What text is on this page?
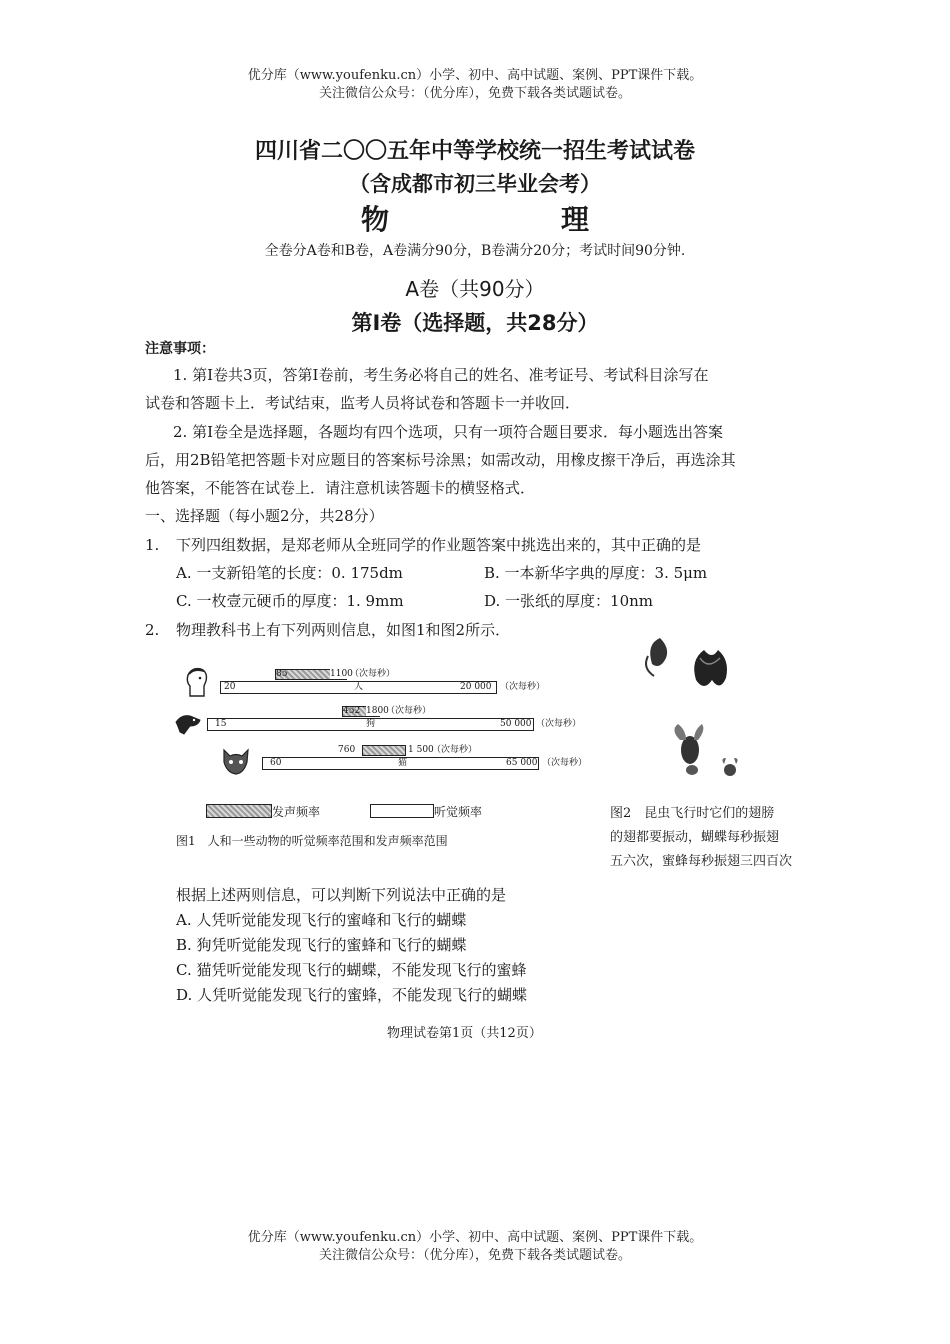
优分库（www.youfenku.cn）小学、初中、高中试题、案例、PPT课件下载。
关注微信公众号：（优分库），免费下载各类试题试卷。
四川省二〇〇五年中等学校统一招生考试试卷
（含成都市初三毕业会考）
物	理
全卷分A卷和B卷，A卷满分90分，B卷满分20分；考试时间90分钟.
A卷（共90分）
第Ⅰ卷（选择题，共28分）
注意事项：
1. 第Ⅰ卷共3页，答第Ⅰ卷前，考生务必将自己的姓名、准考证号、考试科目涂写在
试卷和答题卡上．考试结束，监考人员将试卷和答题卡一并收回．
2. 第Ⅰ卷全是选择题，各题均有四个选项，只有一项符合题目要求．每小题选出答案
后，用2B铅笔把答题卡对应题目的答案标号涂黑；如需改动，用橡皮擦干净后，再选涂其
他答案，不能答在试卷上．请注意机读答题卡的横竖格式．
一、选择题（每小题2分，共28分）
1. 下列四组数据，是郑老师从全班同学的作业题答案中挑选出来的，其中正确的是
A. 一支新铅笔的长度：0. 175dm	B. 一本新华字典的厚度：3. 5μm
C. 一枚壹元硬币的厚度：1. 9mm	D. 一张纸的厚度：10nm
2. 物理教科书上有下列两则信息，如图1和图2所示．
85	1100
（次每秒）
20	人	20 000 （次每秒）
452 1800
（次每秒）
15	狗	50 000 （次每秒）
760	1 500
（次每秒）
60	猫	65 000 （次每秒）
发声频率	听觉频率
图1　人和一些动物的听觉频率范围和发声频率范围
图2　昆虫飞行时它们的翅膀
的翅都要振动，蝴蝶每秒振翅
五六次，蜜蜂每秒振翅三四百次
根据上述两则信息，可以判断下列说法中正确的是
A. 人凭听觉能发现飞行的蜜峰和飞行的蝴蝶
B. 狗凭听觉能发现飞行的蜜蜂和飞行的蝴蝶
C. 猫凭听觉能发现飞行的蝴蝶，不能发现飞行的蜜蜂
D. 人凭听觉能发现飞行的蜜蜂，不能发现飞行的蝴蝶
物理试卷第1页（共12页）
优分库（www.youfenku.cn）小学、初中、高中试题、案例、PPT课件下载。
关注微信公众号：（优分库），免费下载各类试题试卷。
